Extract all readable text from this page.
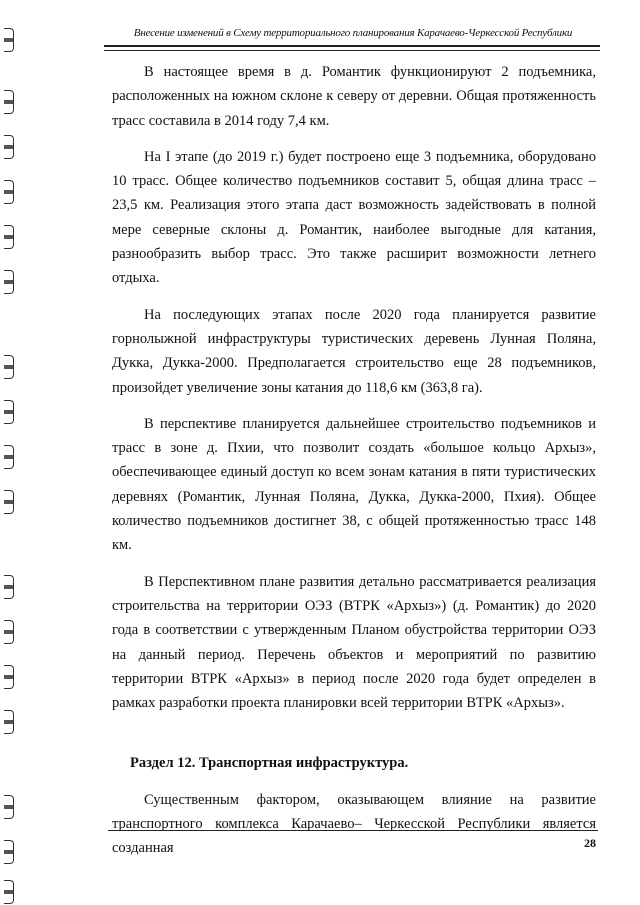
Внесение изменений в Схему территориального планирования Карачаево-Черкесской Республики

В настоящее время в д. Романтик функционируют 2 подъемника, расположенных на южном склоне к северу от деревни. Общая протяженность трасс составила в 2014 году 7,4 км.

На I этапе (до 2019 г.) будет построено еще 3 подъемника, оборудовано 10 трасс. Общее количество подъемников составит 5, общая длина трасс – 23,5 км. Реализация этого этапа даст возможность задействовать в полной мере северные склоны д. Романтик, наиболее выгодные для катания, разнообразить выбор трасс. Это также расширит возможности летнего отдыха.

На последующих этапах после 2020 года планируется развитие горнолыжной инфраструктуры туристических деревень Лунная Поляна, Дукка, Дукка-2000. Предполагается строительство еще 28 подъемников, произойдет увеличение зоны катания до 118,6 км (363,8 га).

В перспективе планируется дальнейшее строительство подъемников и трасс в зоне д. Пхии, что позволит создать «большое кольцо Архыз», обеспечивающее единый доступ ко всем зонам катания в пяти туристических деревнях (Романтик, Лунная Поляна, Дукка, Дукка-2000, Пхия). Общее количество подъемников достигнет 38, с общей протяженностью трасс 148 км.

В Перспективном плане развития детально рассматривается реализация строительства на территории ОЭЗ (ВТРК «Архыз») (д. Романтик) до 2020 года в соответствии с утвержденным Планом обустройства территории ОЭЗ на данный период. Перечень объектов и мероприятий по развитию территории ВТРК «Архыз» в период после 2020 года будет определен в рамках разработки проекта планировки всей территории ВТРК «Архыз».

Раздел 12. Транспортная инфраструктура.

Существенным фактором, оказывающем влияние на развитие транспортного комплекса Карачаево– Черкесской Республики является созданная	28
